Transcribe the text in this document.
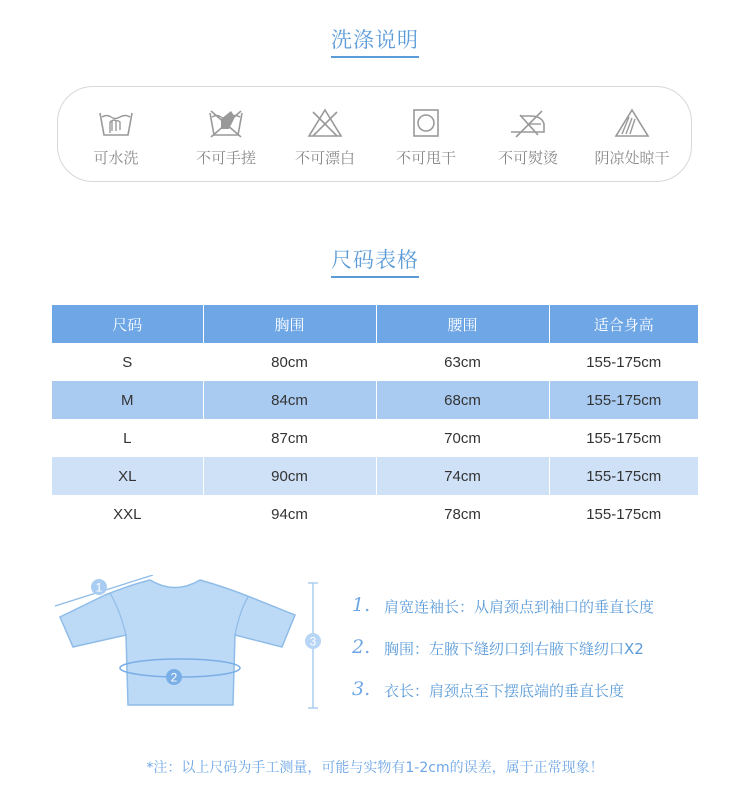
洗涤说明
可水洗	不可手搓	不可漂白	不可甩干	不可熨烫	阴凉处晾干
尺码表格
尺码	胸围	腰围	适合身高
S	80cm	63cm	155-175cm
M	84cm	68cm	155-175cm
L	87cm	70cm	155-175cm
XL	90cm	74cm	155-175cm
XXL	94cm	78cm	155-175cm
1
2
3
1. 肩宽连袖长：从肩颈点到袖口的垂直长度
2. 胸围：左腋下缝纫口到右腋下缝纫口X2
3. 衣长：肩颈点至下摆底端的垂直长度
*注：以上尺码为手工测量，可能与实物有1-2cm的误差，属于正常现象！
